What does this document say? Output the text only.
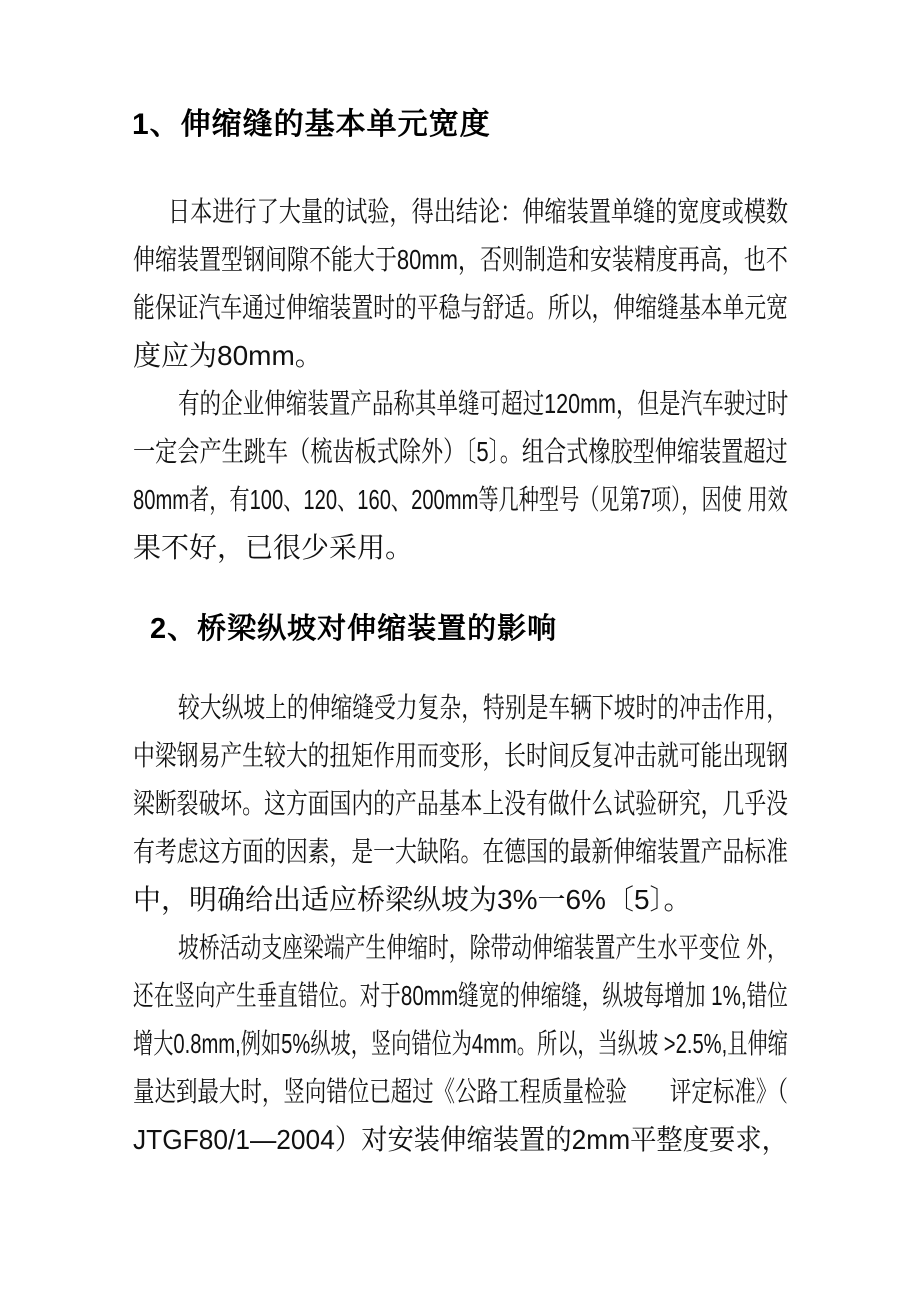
1、伸缩缝的基本单元宽度
日本进行了大量的试验，得出结论：伸缩装置单缝的宽度或模数
伸缩装置型钢间隙不能大于80mm，否则制造和安装精度再高，也不
能保证汽车通过伸缩装置时的平稳与舒适。所以，伸缩缝基本单元宽
度应为80mm。
有的企业伸缩装置产品称其单缝可超过120mm，但是汽车驶过时
一定会产生跳车（梳齿板式除外）〔5〕。组合式橡胶型伸缩装置超过
80mm者，有100、120、160、200mm等几种型号（见第7项），因使 用效
果不好，已很少采用。
2、桥梁纵坡对伸缩装置的影响
较大纵坡上的伸缩缝受力复杂，特别是车辆下坡时的冲击作用，
中梁钢易产生较大的扭矩作用而变形，长时间反复冲击就可能出现钢
梁断裂破坏。这方面国内的产品基本上没有做什么试验研究，几乎没
有考虑这方面的因素，是一大缺陷。在德国的最新伸缩装置产品标准
中，明确给出适应桥梁纵坡为3%一6%〔5〕。
坡桥活动支座梁端产生伸缩时，除带动伸缩装置产生水平变位 外，
还在竖向产生垂直错位。对于80mm缝宽的伸缩缝，纵坡每增加 1%,错位
增大0.8mm,例如5%纵坡，竖向错位为4mm。所以，当纵坡 >2.5%,且伸缩
量达到最大时，竖向错位已超过《公路工程质量检验　　评定标准》（
JTGF80/1—2004）对安装伸缩装置的2mm平整度要求，
